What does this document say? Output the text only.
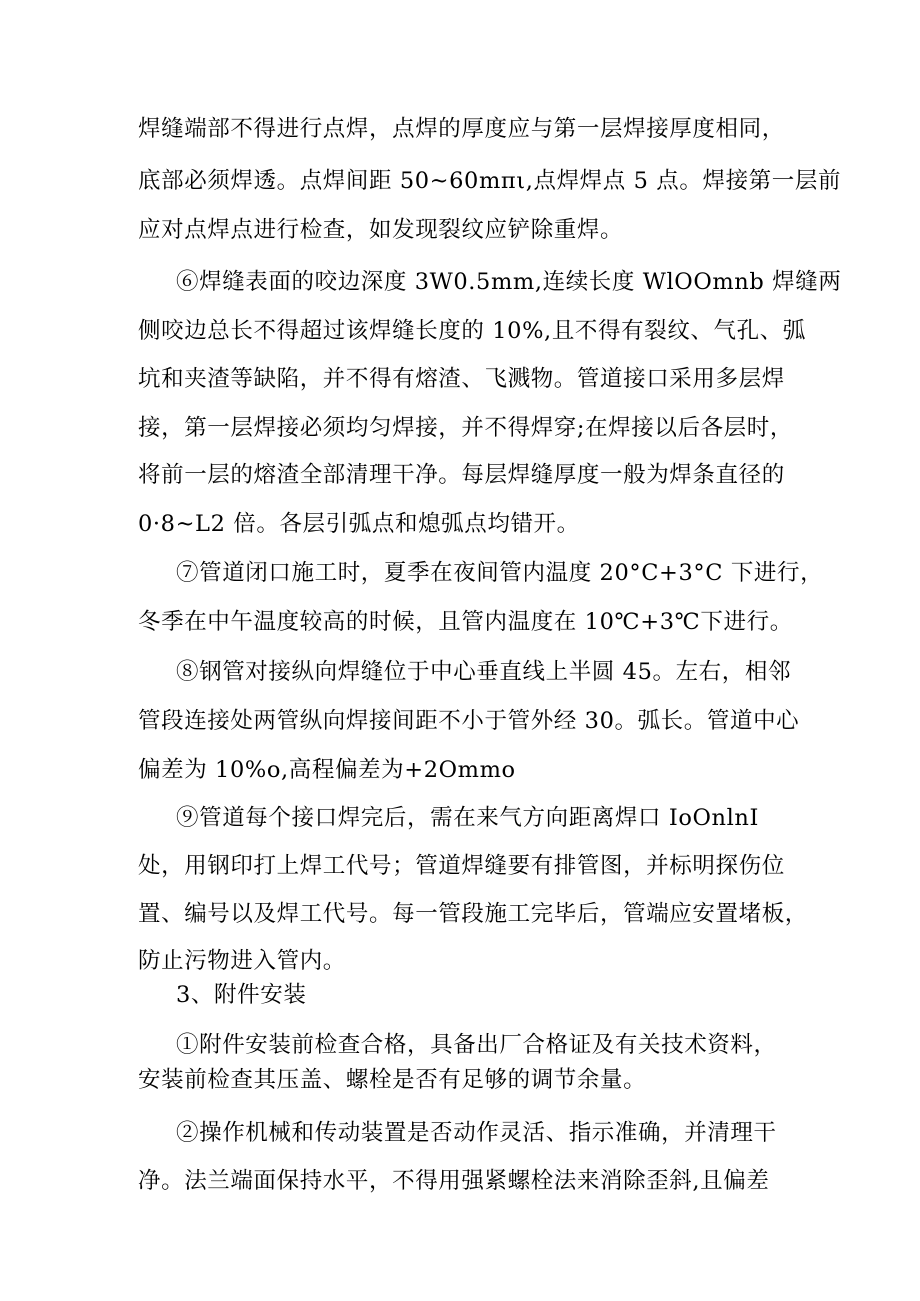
焊缝端部不得进行点焊，点焊的厚度应与第一层焊接厚度相同，
底部必须焊透。点焊间距 50~60mπι,点焊焊点 5 点。焊接第一层前
应对点焊点进行检查，如发现裂纹应铲除重焊。
⑥焊缝表面的咬边深度 3W0.5mm,连续长度 WlOOmnb 焊缝两
侧咬边总长不得超过该焊缝长度的 10%,且不得有裂纹、气孔、弧
坑和夹渣等缺陷，并不得有熔渣、飞溅物。管道接口采用多层焊
接，第一层焊接必须均匀焊接，并不得焊穿;在焊接以后各层时，
将前一层的熔渣全部清理干净。每层焊缝厚度一般为焊条直径的
0·8~L2 倍。各层引弧点和熄弧点均错开。
⑦管道闭口施工时，夏季在夜间管内温度 20°C+3°C 下进行，
冬季在中午温度较高的时候，且管内温度在 10℃+3℃下进行。
⑧钢管对接纵向焊缝位于中心垂直线上半圆 45。左右，相邻
管段连接处两管纵向焊接间距不小于管外经 30。弧长。管道中心
偏差为 10%o,高程偏差为+2Ommo
⑨管道每个接口焊完后，需在来气方向距离焊口 IoOnlnI
处，用钢印打上焊工代号；管道焊缝要有排管图，并标明探伤位
置、编号以及焊工代号。每一管段施工完毕后，管端应安置堵板，
防止污物进入管内。
3、附件安装
①附件安装前检查合格，具备出厂合格证及有关技术资料，
安装前检查其压盖、螺栓是否有足够的调节余量。
②操作机械和传动装置是否动作灵活、指示准确，并清理干
净。法兰端面保持水平，不得用强紧螺栓法来消除歪斜,且偏差
